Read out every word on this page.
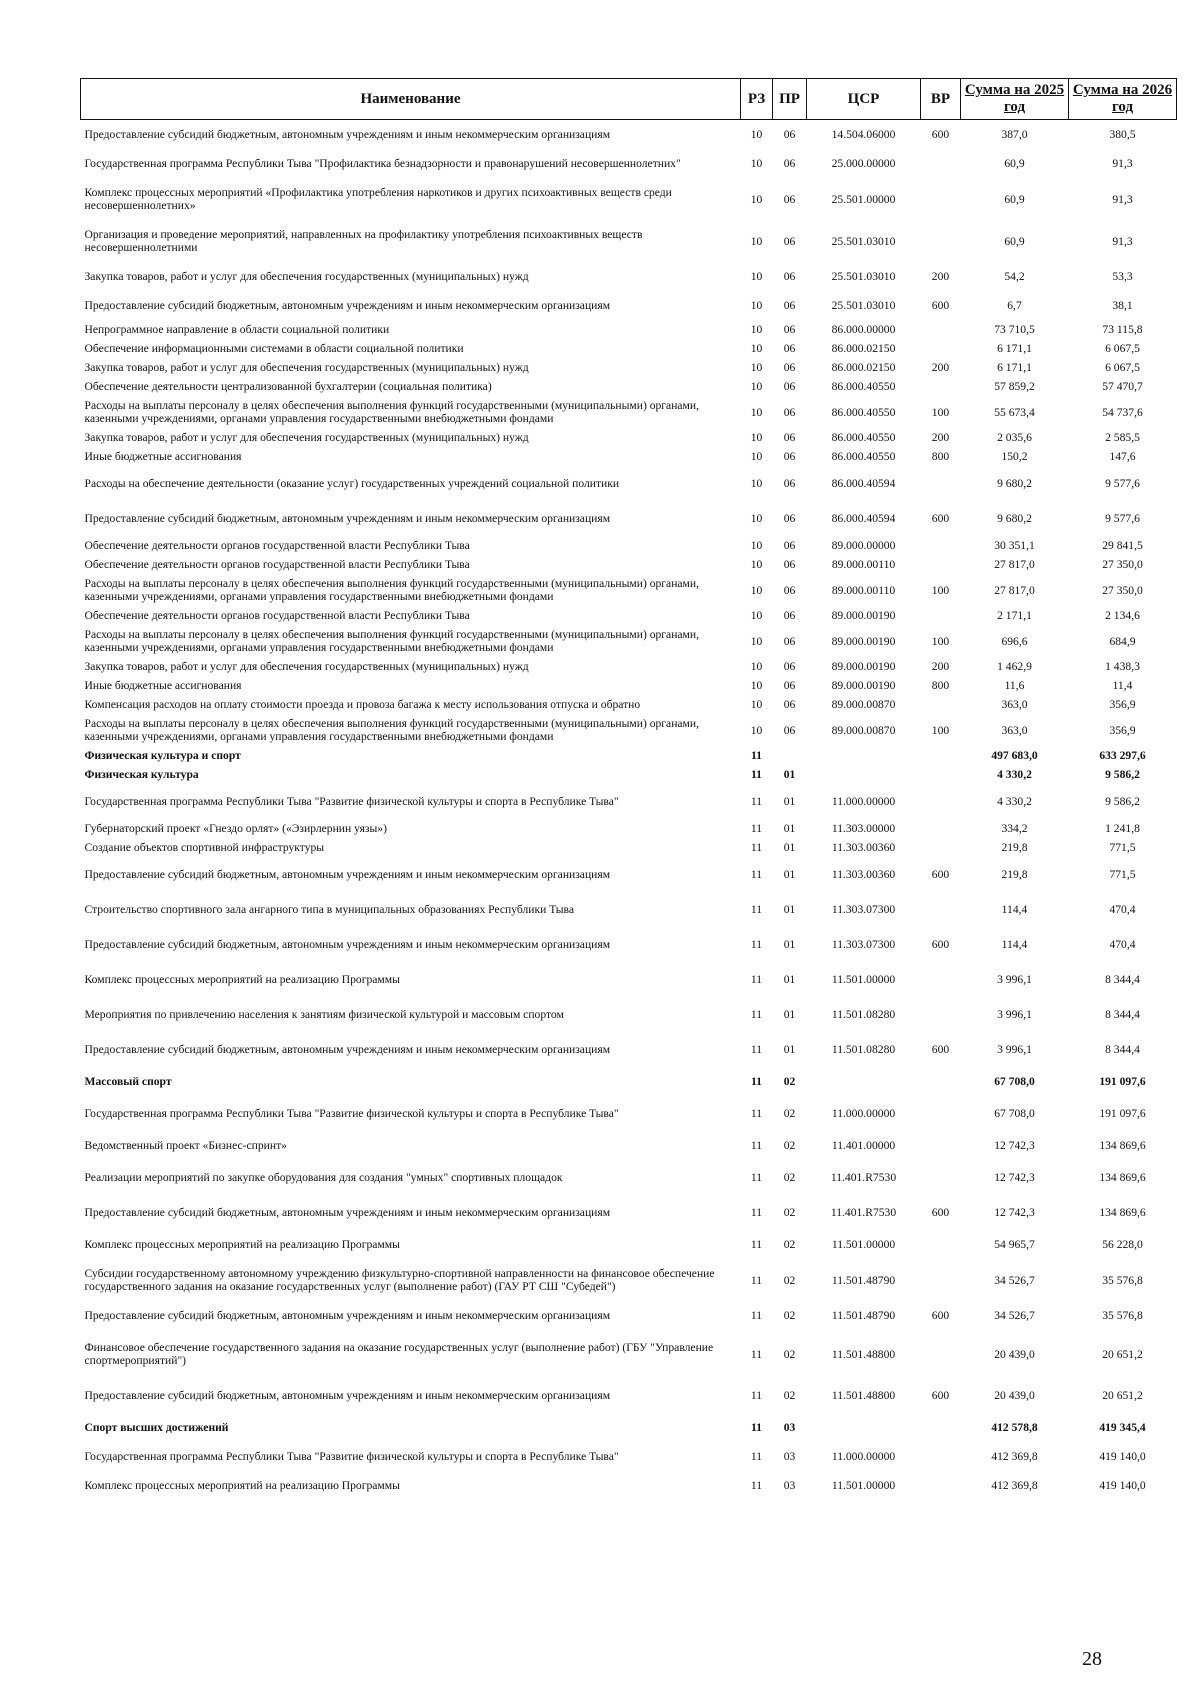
Наименование	РЗ	ПР	ЦСР	ВР	Сумма на 2025 год	Сумма на 2026 год
Предоставление субсидий бюджетным, автономным учреждениям и иным некоммерческим организациям	10	06	14.504.06000	600	387,0	380,5
Государственная программа Республики Тыва "Профилактика безнадзорности и правонарушений несовершеннолетних"	10	06	25.000.00000		60,9	91,3
Комплекс процессных мероприятий «Профилактика употребления наркотиков и других психоактивных веществ среди несовершеннолетних»	10	06	25.501.00000		60,9	91,3
Организация и проведение мероприятий, направленных на профилактику употребления психоактивных веществ несовершеннолетними	10	06	25.501.03010		60,9	91,3
Закупка товаров, работ и услуг для обеспечения государственных (муниципальных) нужд	10	06	25.501.03010	200	54,2	53,3
Предоставление субсидий бюджетным, автономным учреждениям и иным некоммерческим организациям	10	06	25.501.03010	600	6,7	38,1
Непрограммное направление в области социальной политики	10	06	86.000.00000		73 710,5	73 115,8
Обеспечение информационными системами в области социальной политики	10	06	86.000.02150		6 171,1	6 067,5
Закупка товаров, работ и услуг для обеспечения государственных (муниципальных) нужд	10	06	86.000.02150	200	6 171,1	6 067,5
Обеспечение деятельности централизованной бухгалтерии (социальная политика)	10	06	86.000.40550		57 859,2	57 470,7
Расходы на выплаты персоналу в целях обеспечения выполнения функций государственными (муниципальными) органами, казенными учреждениями, органами управления государственными внебюджетными фондами	10	06	86.000.40550	100	55 673,4	54 737,6
Закупка товаров, работ и услуг для обеспечения государственных (муниципальных) нужд	10	06	86.000.40550	200	2 035,6	2 585,5
Иные бюджетные ассигнования	10	06	86.000.40550	800	150,2	147,6
Расходы на обеспечение деятельности (оказание услуг) государственных учреждений социальной политики	10	06	86.000.40594		9 680,2	9 577,6
Предоставление субсидий бюджетным, автономным учреждениям и иным некоммерческим организациям	10	06	86.000.40594	600	9 680,2	9 577,6
Обеспечение деятельности органов государственной власти Республики Тыва	10	06	89.000.00000		30 351,1	29 841,5
Обеспечение деятельности органов государственной власти Республики Тыва	10	06	89.000.00110		27 817,0	27 350,0
Расходы на выплаты персоналу в целях обеспечения выполнения функций государственными (муниципальными) органами, казенными учреждениями, органами управления государственными внебюджетными фондами	10	06	89.000.00110	100	27 817,0	27 350,0
Обеспечение деятельности органов государственной власти Республики Тыва	10	06	89.000.00190		2 171,1	2 134,6
Расходы на выплаты персоналу в целях обеспечения выполнения функций государственными (муниципальными) органами, казенными учреждениями, органами управления государственными внебюджетными фондами	10	06	89.000.00190	100	696,6	684,9
Закупка товаров, работ и услуг для обеспечения государственных (муниципальных) нужд	10	06	89.000.00190	200	1 462,9	1 438,3
Иные бюджетные ассигнования	10	06	89.000.00190	800	11,6	11,4
Компенсация расходов на оплату стоимости проезда и провоза багажа к месту использования отпуска и обратно	10	06	89.000.00870		363,0	356,9
Расходы на выплаты персоналу в целях обеспечения выполнения функций государственными (муниципальными) органами, казенными учреждениями, органами управления государственными внебюджетными фондами	10	06	89.000.00870	100	363,0	356,9
Физическая культура и спорт	11				497 683,0	633 297,6
Физическая культура	11	01			4 330,2	9 586,2
Государственная программа Республики Тыва "Развитие физической культуры и спорта в Республике Тыва"	11	01	11.000.00000		4 330,2	9 586,2
Губернаторский проект «Гнездо орлят» («Эзирлернин уязы»)	11	01	11.303.00000		334,2	1 241,8
Создание объектов спортивной инфраструктуры	11	01	11.303.00360		219,8	771,5
Предоставление субсидий бюджетным, автономным учреждениям и иным некоммерческим организациям	11	01	11.303.00360	600	219,8	771,5
Строительство спортивного зала ангарного типа в муниципальных образованиях Республики Тыва	11	01	11.303.07300		114,4	470,4
Предоставление субсидий бюджетным, автономным учреждениям и иным некоммерческим организациям	11	01	11.303.07300	600	114,4	470,4
Комплекс процессных мероприятий на реализацию Программы	11	01	11.501.00000		3 996,1	8 344,4
Мероприятия по привлечению населения к занятиям физической культурой и массовым спортом	11	01	11.501.08280		3 996,1	8 344,4
Предоставление субсидий бюджетным, автономным учреждениям и иным некоммерческим организациям	11	01	11.501.08280	600	3 996,1	8 344,4
Массовый спорт	11	02			67 708,0	191 097,6
Государственная программа Республики Тыва "Развитие физической культуры и спорта в Республике Тыва"	11	02	11.000.00000		67 708,0	191 097,6
Ведомственный проект «Бизнес-спринт»	11	02	11.401.00000		12 742,3	134 869,6
Реализации мероприятий по закупке оборудования для создания "умных" спортивных площадок	11	02	11.401.R7530		12 742,3	134 869,6
Предоставление субсидий бюджетным, автономным учреждениям и иным некоммерческим организациям	11	02	11.401.R7530	600	12 742,3	134 869,6
Комплекс процессных мероприятий на реализацию Программы	11	02	11.501.00000		54 965,7	56 228,0
Субсидии государственному автономному учреждению физкультурно-спортивной направленности на финансовое обеспечение государственного задания на оказание государственных услуг (выполнение работ) (ГАУ РТ СШ "Субедей")	11	02	11.501.48790		34 526,7	35 576,8
Предоставление субсидий бюджетным, автономным учреждениям и иным некоммерческим организациям	11	02	11.501.48790	600	34 526,7	35 576,8
Финансовое обеспечение государственного задания на оказание государственных услуг (выполнение работ) (ГБУ "Управление спортмероприятий")	11	02	11.501.48800		20 439,0	20 651,2
Предоставление субсидий бюджетным, автономным учреждениям и иным некоммерческим организациям	11	02	11.501.48800	600	20 439,0	20 651,2
Спорт высших достижений	11	03			412 578,8	419 345,4
Государственная программа Республики Тыва "Развитие физической культуры и спорта в Республике Тыва"	11	03	11.000.00000		412 369,8	419 140,0
Комплекс процессных мероприятий на реализацию Программы	11	03	11.501.00000		412 369,8	419 140,0
28
